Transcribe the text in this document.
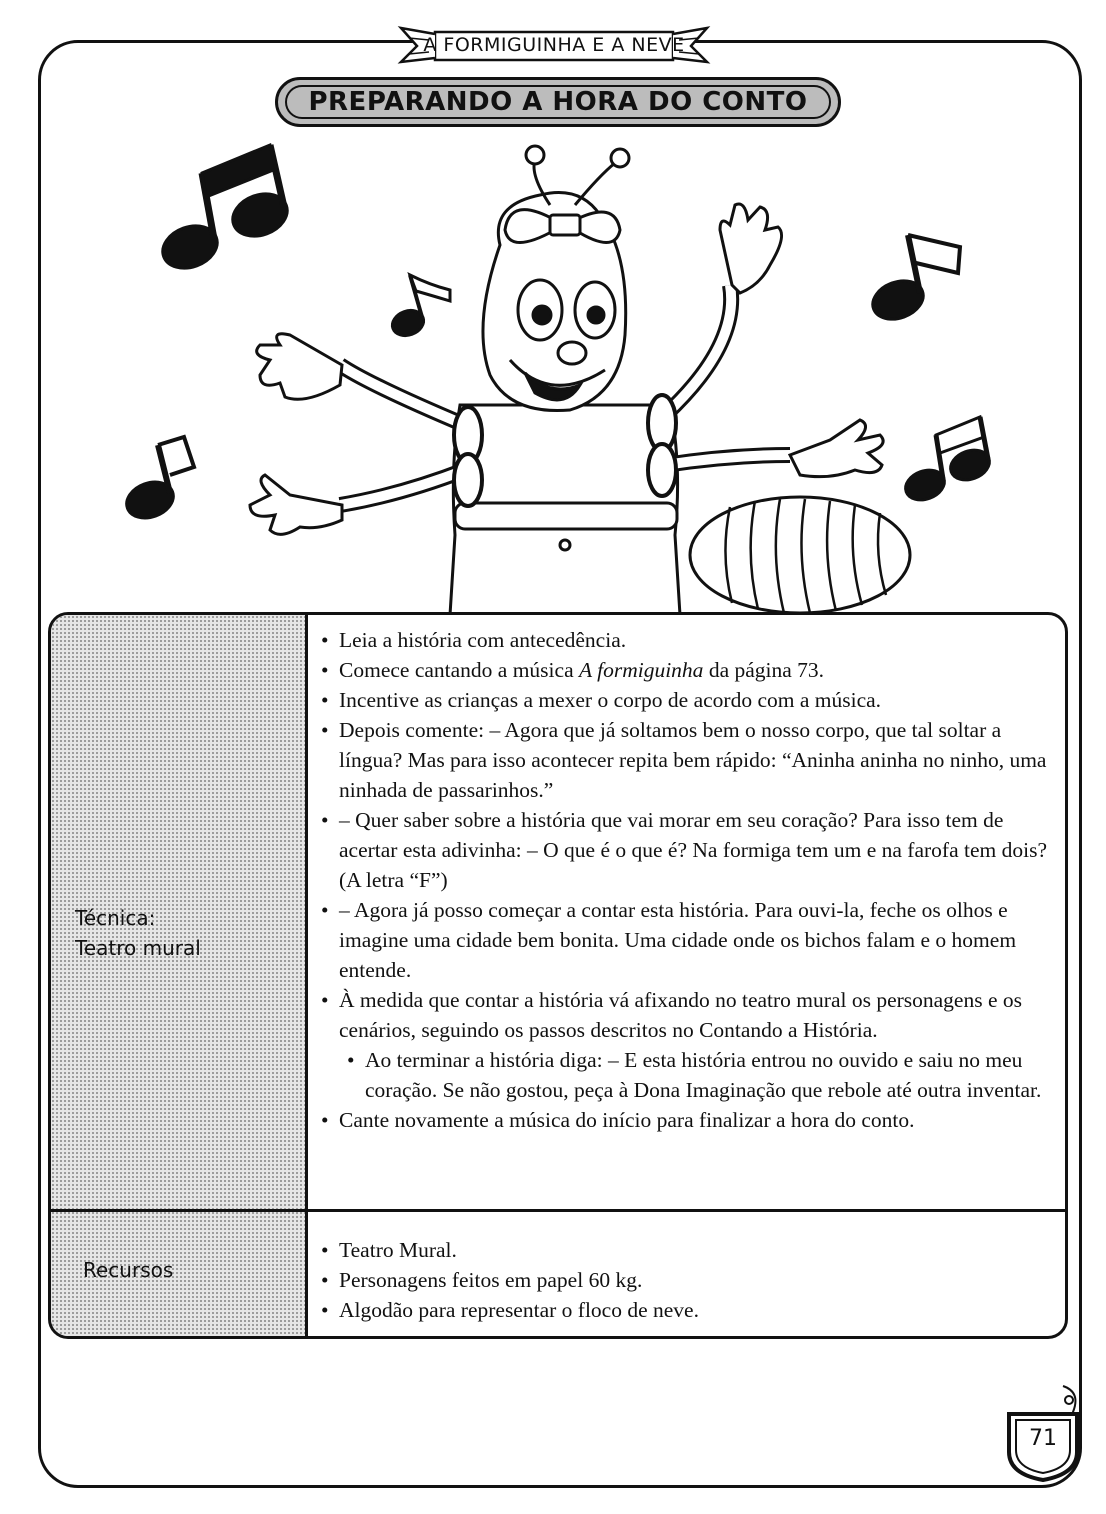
A FORMIGUINHA E A NEVE
PREPARANDO A HORA DO CONTO
Técnica:
Teatro mural
Recursos
• Leia a história com antecedência.
• Comece cantando a música A formiguinha da página 73.
• Incentive as crianças a mexer o corpo de acordo com a música.
• Depois comente: – Agora que já soltamos bem o nosso corpo, que tal soltar a língua? Mas para isso acontecer repita bem rápido: “Aninha aninha no ninho, uma ninhada de passarinhos.”
• – Quer saber sobre a história que vai morar em seu coração? Para isso tem de acertar esta adivinha: – O que é o que é? Na formiga tem um e na farofa tem dois? (A letra “F”)
• – Agora já posso começar a contar esta história. Para ouvi-la, feche os olhos e imagine uma cidade bem bonita. Uma cidade onde os bichos falam e o homem entende.
• À medida que contar a história vá afixando no teatro mural os personagens e os cenários, seguindo os passos descritos no Contando a História.
• Ao terminar a história diga: – E esta história entrou no ouvido e saiu no meu coração. Se não gostou, peça à Dona Imaginação que rebole até outra inventar.
• Cante novamente a música do início para finalizar a hora do conto.
• Teatro Mural.
• Personagens feitos em papel 60 kg.
• Algodão para representar o floco de neve.
71
